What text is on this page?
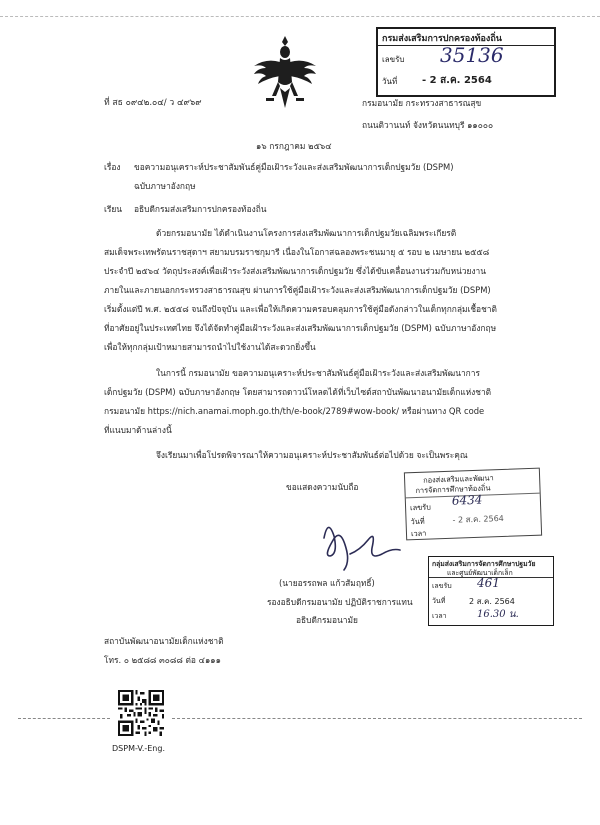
กรมส่งเสริมการปกครองท้องถิ่น
เลขรับ 35136
วันที่ - 2 ส.ค. 2564
ที่ สธ ๐๙๔๒.๐๔/ ว ๔๙๖๙	กรมอนามัย กระทรวงสาธารณสุข
ถนนติวานนท์ จังหวัดนนทบุรี ๑๑๐๐๐
๑๖ กรกฎาคม ๒๕๖๔
เรื่อง ขอความอนุเคราะห์ประชาสัมพันธ์คู่มือเฝ้าระวังและส่งเสริมพัฒนาการเด็กปฐมวัย (DSPM)
ฉบับภาษาอังกฤษ
เรียน อธิบดีกรมส่งเสริมการปกครองท้องถิ่น
ด้วยกรมอนามัย ได้ดำเนินงานโครงการส่งเสริมพัฒนาการเด็กปฐมวัยเฉลิมพระเกียรติ
สมเด็จพระเทพรัตนราชสุดาฯ สยามบรมราชกุมารี เนื่องในโอกาสฉลองพระชนมายุ ๕ รอบ ๒ เมษายน ๒๕๕๘
ประจำปี ๒๕๖๔ วัตถุประสงค์เพื่อเฝ้าระวังส่งเสริมพัฒนาการเด็กปฐมวัย ซึ่งได้ขับเคลื่อนงานร่วมกับหน่วยงาน
ภายในและภายนอกกระทรวงสาธารณสุข ผ่านการใช้คู่มือเฝ้าระวังและส่งเสริมพัฒนาการเด็กปฐมวัย (DSPM)
เริ่มตั้งแต่ปี พ.ศ. ๒๕๕๘ จนถึงปัจจุบัน และเพื่อให้เกิดความครอบคลุมการใช้คู่มือดังกล่าวในเด็กทุกกลุ่มเชื้อชาติ
ที่อาศัยอยู่ในประเทศไทย จึงได้จัดทำคู่มือเฝ้าระวังและส่งเสริมพัฒนาการเด็กปฐมวัย (DSPM) ฉบับภาษาอังกฤษ
เพื่อให้ทุกกลุ่มเป้าหมายสามารถนำไปใช้งานได้สะดวกยิ่งขึ้น
ในการนี้ กรมอนามัย ขอความอนุเคราะห์ประชาสัมพันธ์คู่มือเฝ้าระวังและส่งเสริมพัฒนาการ
เด็กปฐมวัย (DSPM) ฉบับภาษาอังกฤษ โดยสามารถดาวน์โหลดได้ที่เว็บไซต์สถาบันพัฒนาอนามัยเด็กแห่งชาติ
กรมอนามัย https://nich.anamai.moph.go.th/th/e-book/2789#wow-book/ หรือผ่านทาง QR code
ที่แนบมาด้านล่างนี้
จึงเรียนมาเพื่อโปรดพิจารณาให้ความอนุเคราะห์ประชาสัมพันธ์ต่อไปด้วย จะเป็นพระคุณ
ขอแสดงความนับถือ
กองส่งเสริมและพัฒนา
การจัดการศึกษาท้องถิ่น
เลขรับ 6434
วันที่	- 2 ส.ค. 2564
เวลา
(นายอรรถพล แก้วสัมฤทธิ์)
รองอธิบดีกรมอนามัย ปฏิบัติราชการแทน
อธิบดีกรมอนามัย
กลุ่มส่งเสริมการจัดการศึกษาปฐมวัย
และศูนย์พัฒนาเด็กเล็ก
เลขรับ 461
วันที่	2 ส.ค. 2564
เวลา	16.30 น.
สถาบันพัฒนาอนามัยเด็กแห่งชาติ
โทร. ๐ ๒๕๘๘ ๓๐๘๘ ต่อ ๔๑๑๑
DSPM-V.-Eng.
